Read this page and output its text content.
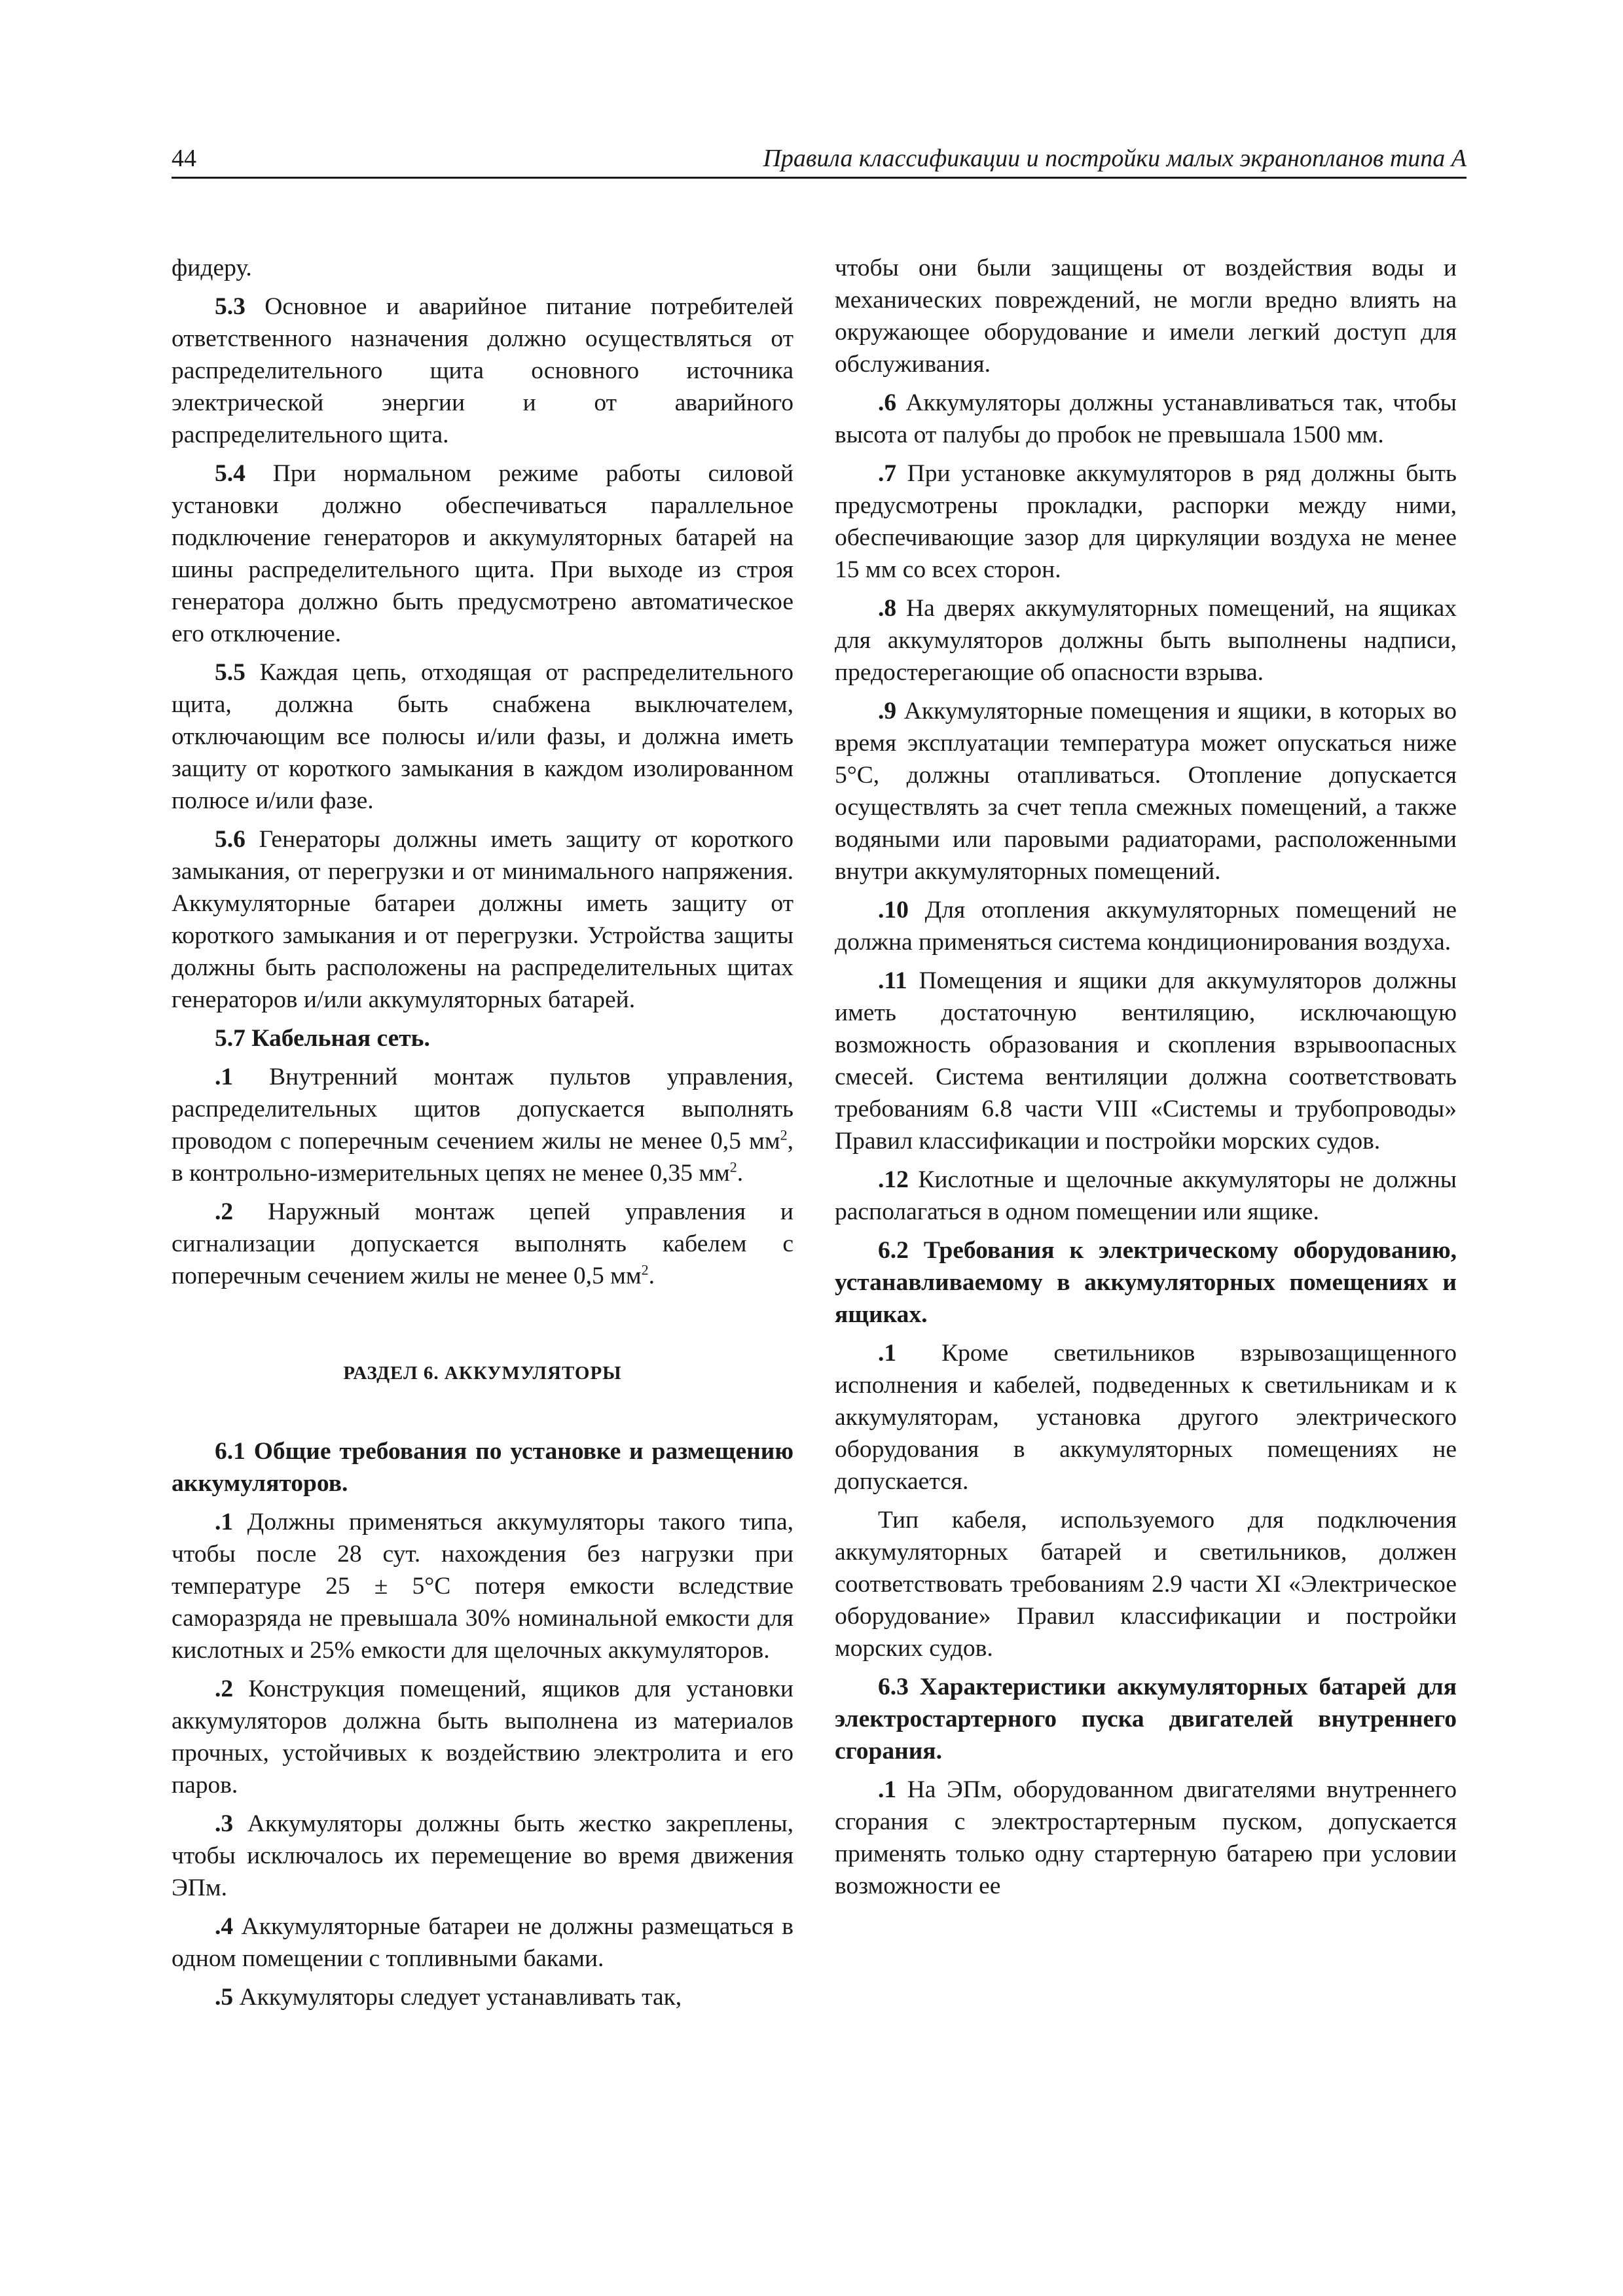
44	Правила классификации и постройки малых экранопланов типа А

фидеру.

5.3 Основное и аварийное питание потребителей ответственного назначения должно осуществляться от распределительного щита основного источника электрической энергии и от аварийного распределительного щита.

5.4 При нормальном режиме работы силовой установки должно обеспечиваться параллельное подключение генераторов и аккумуляторных батарей на шины распределительного щита. При выходе из строя генератора должно быть предусмотрено автоматическое его отключение.

5.5 Каждая цепь, отходящая от распределительного щита, должна быть снабжена выключателем, отключающим все полюсы и/или фазы, и должна иметь защиту от короткого замыкания в каждом изолированном полюсе и/или фазе.

5.6 Генераторы должны иметь защиту от короткого замыкания, от перегрузки и от минимального напряжения. Аккумуляторные батареи должны иметь защиту от короткого замыкания и от перегрузки. Устройства защиты должны быть расположены на распределительных щитах генераторов и/или аккумуляторных батарей.

5.7 Кабельная сеть.

.1 Внутренний монтаж пультов управления, распределительных щитов допускается выполнять проводом с поперечным сечением жилы не менее 0,5 $мм^2$, в контрольно-измерительных цепях не менее 0,35 $мм^2$.

.2 Наружный монтаж цепей управления и сигнализации допускается выполнять кабелем с поперечным сечением жилы не менее 0,5 $мм^2$.

РАЗДЕЛ 6. АККУМУЛЯТОРЫ

6.1 Общие требования по установке и размещению аккумуляторов.

.1 Должны применяться аккумуляторы такого типа, чтобы после 28 сут. нахождения без нагрузки при температуре 25 ± 5°C потеря емкости вследствие саморазряда не превышала 30% номинальной емкости для кислотных и 25% емкости для щелочных аккумуляторов.

.2 Конструкция помещений, ящиков для установки аккумуляторов должна быть выполнена из материалов прочных, устойчивых к воздействию электролита и его паров.

.3 Аккумуляторы должны быть жестко закреплены, чтобы исключалось их перемещение во время движения ЭПм.

.4 Аккумуляторные батареи не должны размещаться в одном помещении с топливными баками.

.5 Аккумуляторы следует устанавливать так,

чтобы они были защищены от воздействия воды и механических повреждений, не могли вредно влиять на окружающее оборудование и имели легкий доступ для обслуживания.

.6 Аккумуляторы должны устанавливаться так, чтобы высота от палубы до пробок не превышала 1500 мм.

.7 При установке аккумуляторов в ряд должны быть предусмотрены прокладки, распорки между ними, обеспечивающие зазор для циркуляции воздуха не менее 15 мм со всех сторон.

.8 На дверях аккумуляторных помещений, на ящиках для аккумуляторов должны быть выполнены надписи, предостерегающие об опасности взрыва.

.9 Аккумуляторные помещения и ящики, в которых во время эксплуатации температура может опускаться ниже 5°C, должны отапливаться. Отопление допускается осуществлять за счет тепла смежных помещений, а также водяными или паровыми радиаторами, расположенными внутри аккумуляторных помещений.

.10 Для отопления аккумуляторных помещений не должна применяться система кондиционирования воздуха.

.11 Помещения и ящики для аккумуляторов должны иметь достаточную вентиляцию, исключающую возможность образования и скопления взрывоопасных смесей. Система вентиляции должна соответствовать требованиям 6.8 части VIII «Системы и трубопроводы» Правил классификации и постройки морских судов.

.12 Кислотные и щелочные аккумуляторы не должны располагаться в одном помещении или ящике.

6.2 Требования к электрическому оборудованию, устанавливаемому в аккумуляторных помещениях и ящиках.

.1 Кроме светильников взрывозащищенного исполнения и кабелей, подведенных к светильникам и к аккумуляторам, установка другого электрического оборудования в аккумуляторных помещениях не допускается.

Тип кабеля, используемого для подключения аккумуляторных батарей и светильников, должен соответствовать требованиям 2.9 части XI «Электрическое оборудование» Правил классификации и постройки морских судов.

6.3 Характеристики аккумуляторных батарей для электростартерного пуска двигателей внутреннего сгорания.

.1 На ЭПм, оборудованном двигателями внутреннего сгорания с электростартерным пуском, допускается применять только одну стартерную батарею при условии возможности ее
